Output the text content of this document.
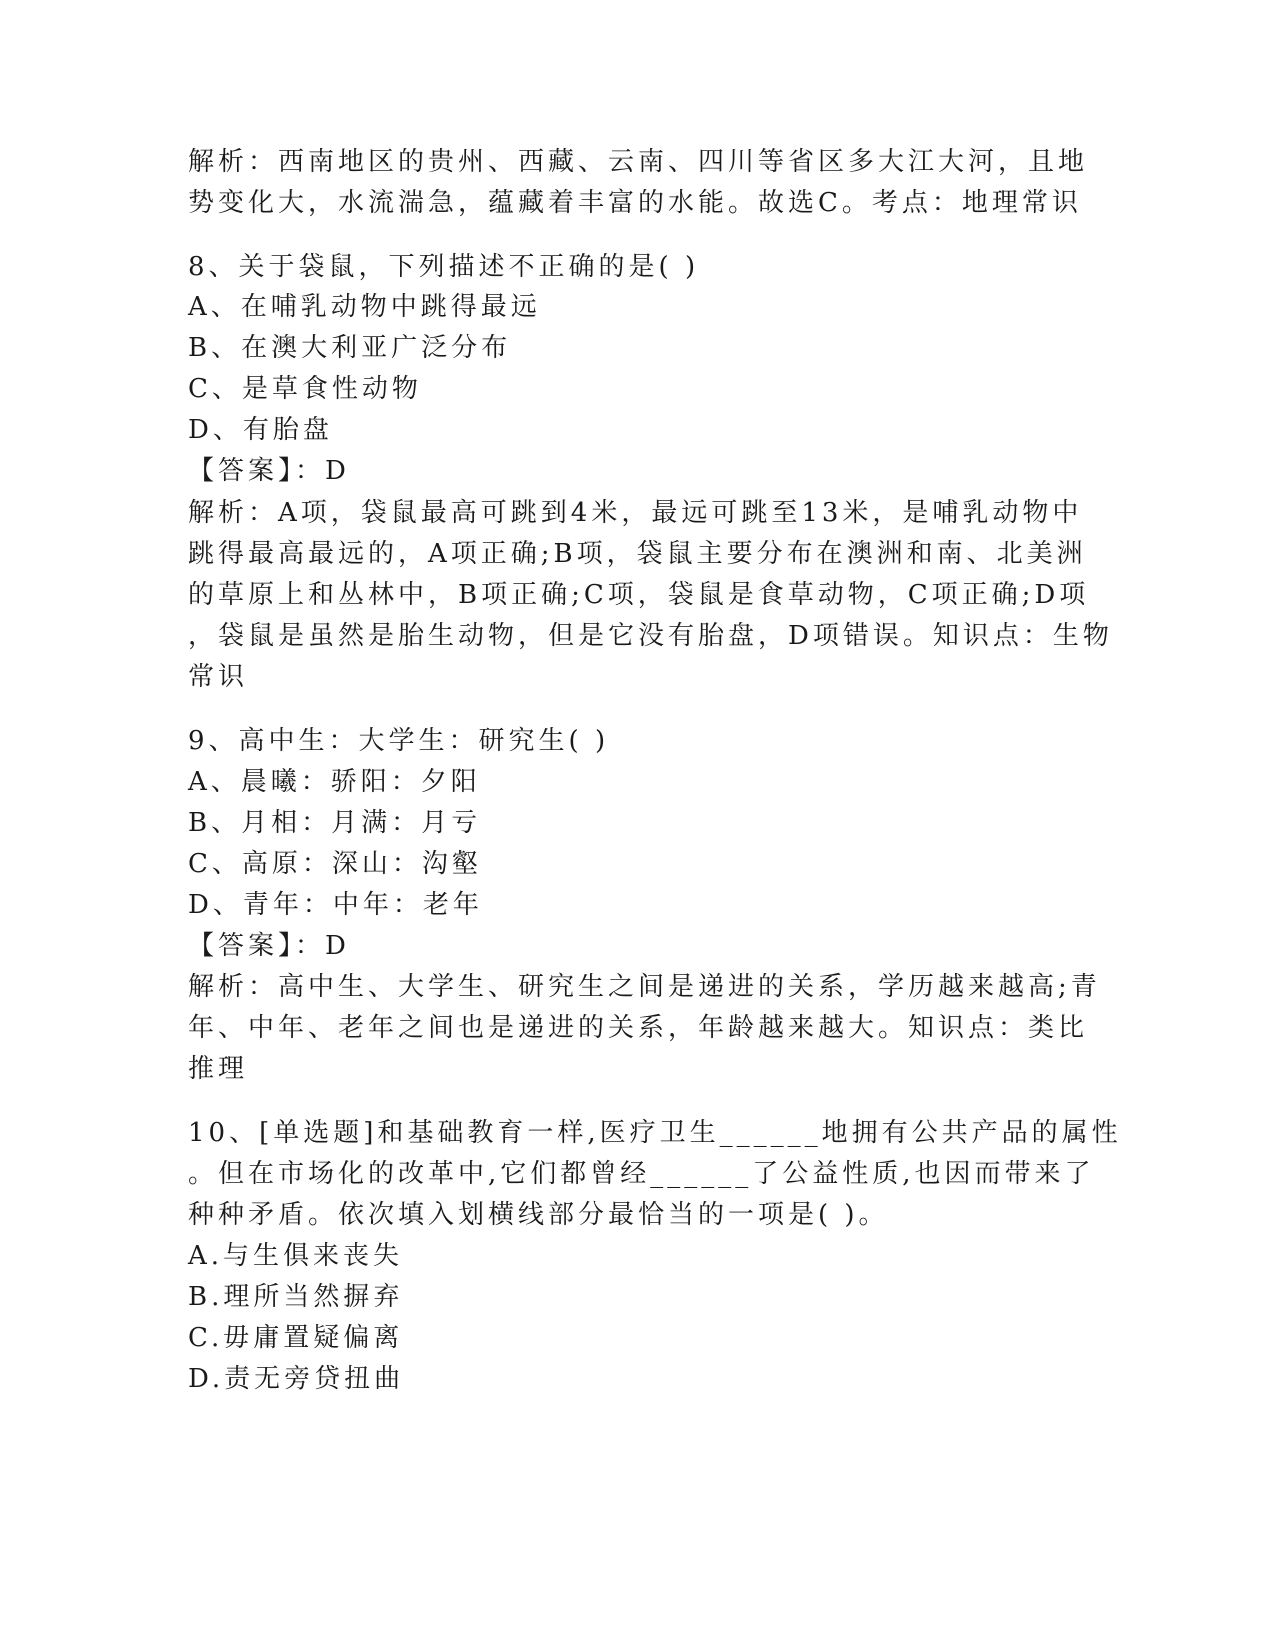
解析：西南地区的贵州、西藏、云南、四川等省区多大江大河，且地
势变化大，水流湍急，蕴藏着丰富的水能。故选C。考点：地理常识
8、关于袋鼠，下列描述不正确的是( )
A、在哺乳动物中跳得最远
B、在澳大利亚广泛分布
C、是草食性动物
D、有胎盘
【答案】：D
解析：A项，袋鼠最高可跳到4米，最远可跳至13米，是哺乳动物中
跳得最高最远的，A项正确;B项，袋鼠主要分布在澳洲和南、北美洲
的草原上和丛林中，B项正确;C项，袋鼠是食草动物，C项正确;D项
，袋鼠是虽然是胎生动物，但是它没有胎盘，D项错误。知识点：生物
常识
9、高中生：大学生：研究生( )
A、晨曦：骄阳：夕阳
B、月相：月满：月亏
C、高原：深山：沟壑
D、青年：中年：老年
【答案】：D
解析：高中生、大学生、研究生之间是递进的关系，学历越来越高;青
年、中年、老年之间也是递进的关系，年龄越来越大。知识点：类比
推理
10、[单选题]和基础教育一样,医疗卫生______地拥有公共产品的属性
。但在市场化的改革中,它们都曾经______了公益性质,也因而带来了
种种矛盾。依次填入划横线部分最恰当的一项是( )。
A.与生俱来丧失
B.理所当然摒弃
C.毋庸置疑偏离
D.责无旁贷扭曲
